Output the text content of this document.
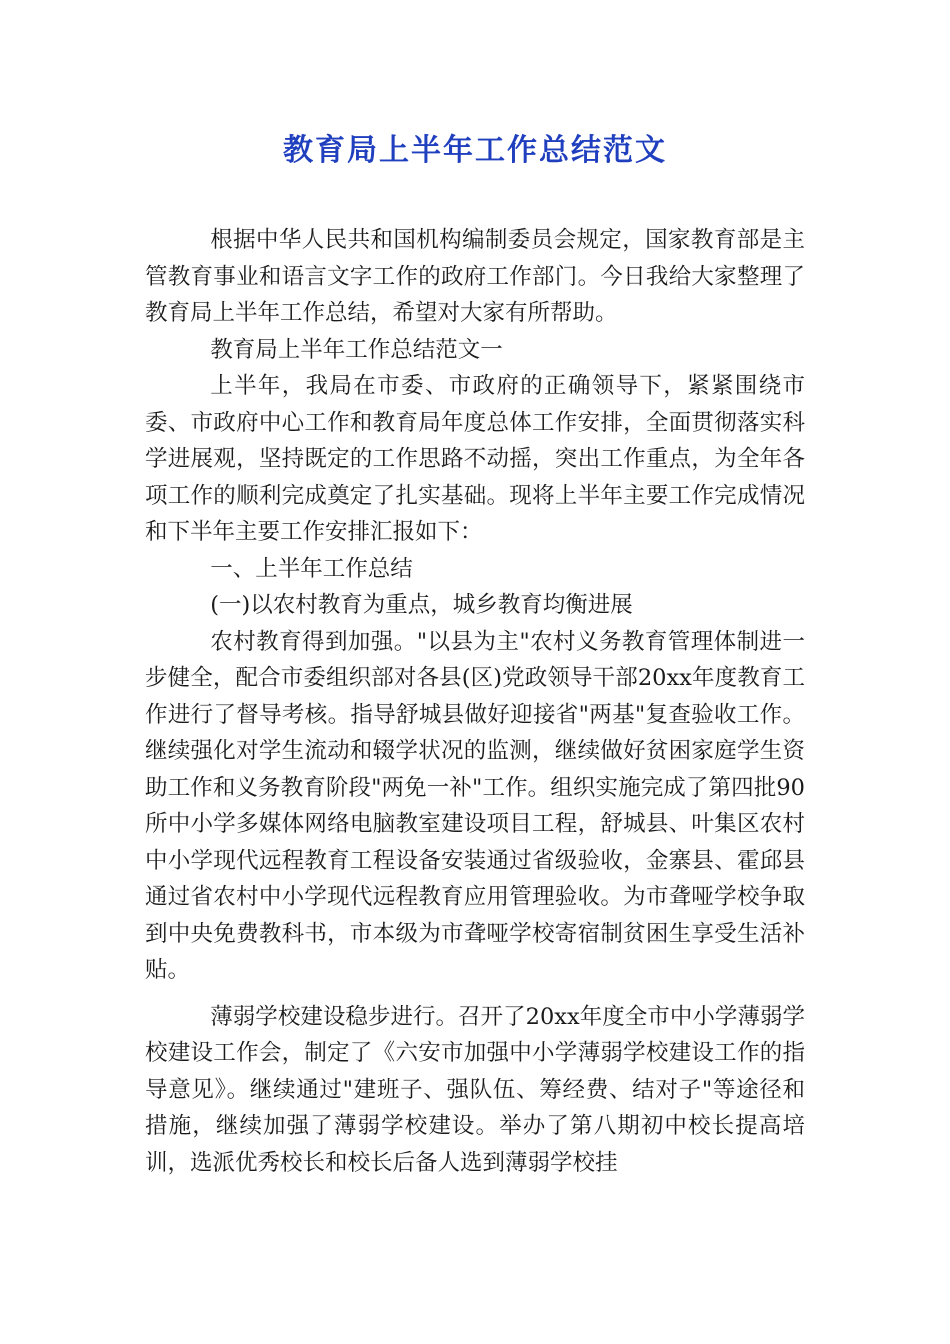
教育局上半年工作总结范文

根据中华人民共和国机构编制委员会规定，国家教育部是主管教育事业和语言文字工作的政府工作部门。今日我给大家整理了教育局上半年工作总结，希望对大家有所帮助。

教育局上半年工作总结范文一

上半年，我局在市委、市政府的正确领导下，紧紧围绕市委、市政府中心工作和教育局年度总体工作安排，全面贯彻落实科学进展观，坚持既定的工作思路不动摇，突出工作重点，为全年各项工作的顺利完成奠定了扎实基础。现将上半年主要工作完成情况和下半年主要工作安排汇报如下：

一、上半年工作总结

(一)以农村教育为重点，城乡教育均衡进展

农村教育得到加强。"以县为主"农村义务教育管理体制进一步健全，配合市委组织部对各县(区)党政领导干部20xx年度教育工作进行了督导考核。指导舒城县做好迎接省"两基"复查验收工作。继续强化对学生流动和辍学状况的监测，继续做好贫困家庭学生资助工作和义务教育阶段"两免一补"工作。组织实施完成了第四批90所中小学多媒体网络电脑教室建设项目工程，舒城县、叶集区农村中小学现代远程教育工程设备安装通过省级验收，金寨县、霍邱县通过省农村中小学现代远程教育应用管理验收。为市聋哑学校争取到中央免费教科书，市本级为市聋哑学校寄宿制贫困生享受生活补贴。

薄弱学校建设稳步进行。召开了20xx年度全市中小学薄弱学校建设工作会，制定了《六安市加强中小学薄弱学校建设工作的指导意见》。继续通过"建班子、强队伍、筹经费、结对子"等途径和措施，继续加强了薄弱学校建设。举办了第八期初中校长提高培训，选派优秀校长和校长后备人选到薄弱学校挂
